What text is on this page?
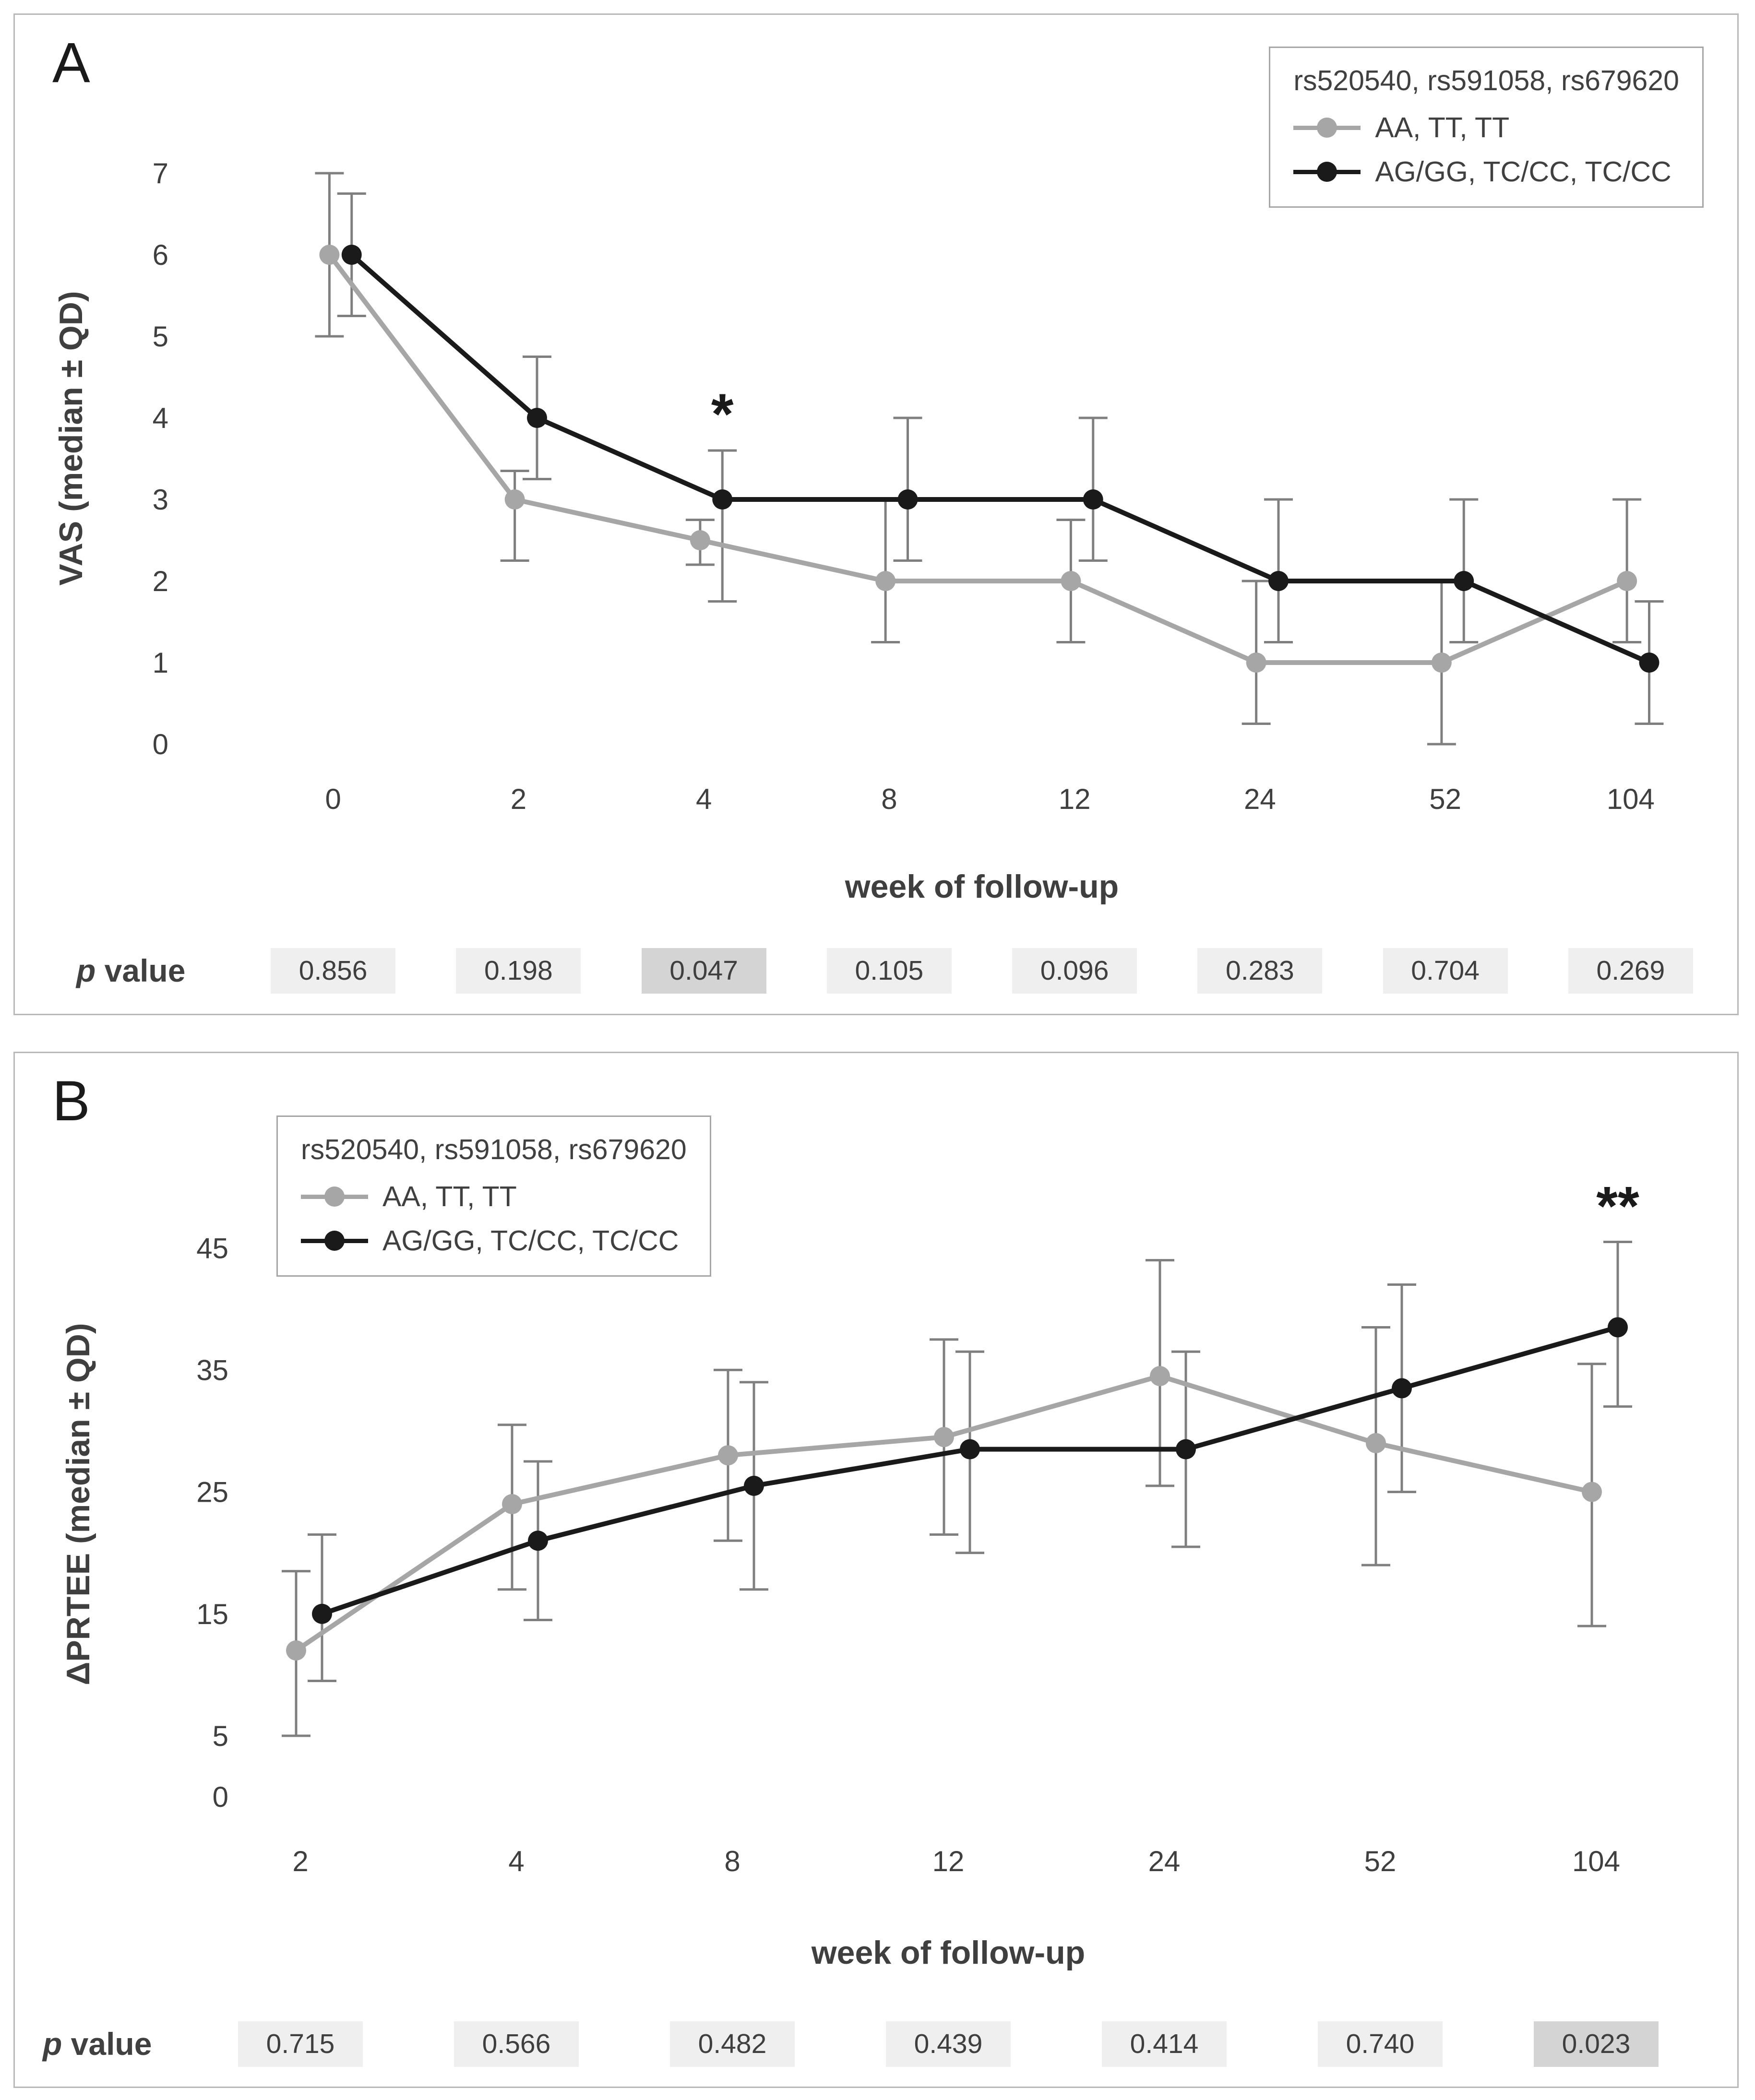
A	rs520540, rs591058, rs679620
AA, TT, TT
AG/GG, TC/CC, TC/CC
0
1
2
3
4
5
6
7
VAS (median ± QD)
0	2	4	8	12	24	52	104
week of follow-up
*
p value	0.856	0.198	0.047	0.105	0.096	0.283	0.704	0.269
B
rs520540, rs591058, rs679620
AA, TT, TT
AG/GG, TC/CC, TC/CC
0
5
15
25
35
45
ΔPRTEE (median ± QD)
2	4	8	12	24	52	104
week of follow-up
**
p value	0.715	0.566	0.482	0.439	0.414	0.740	0.023
